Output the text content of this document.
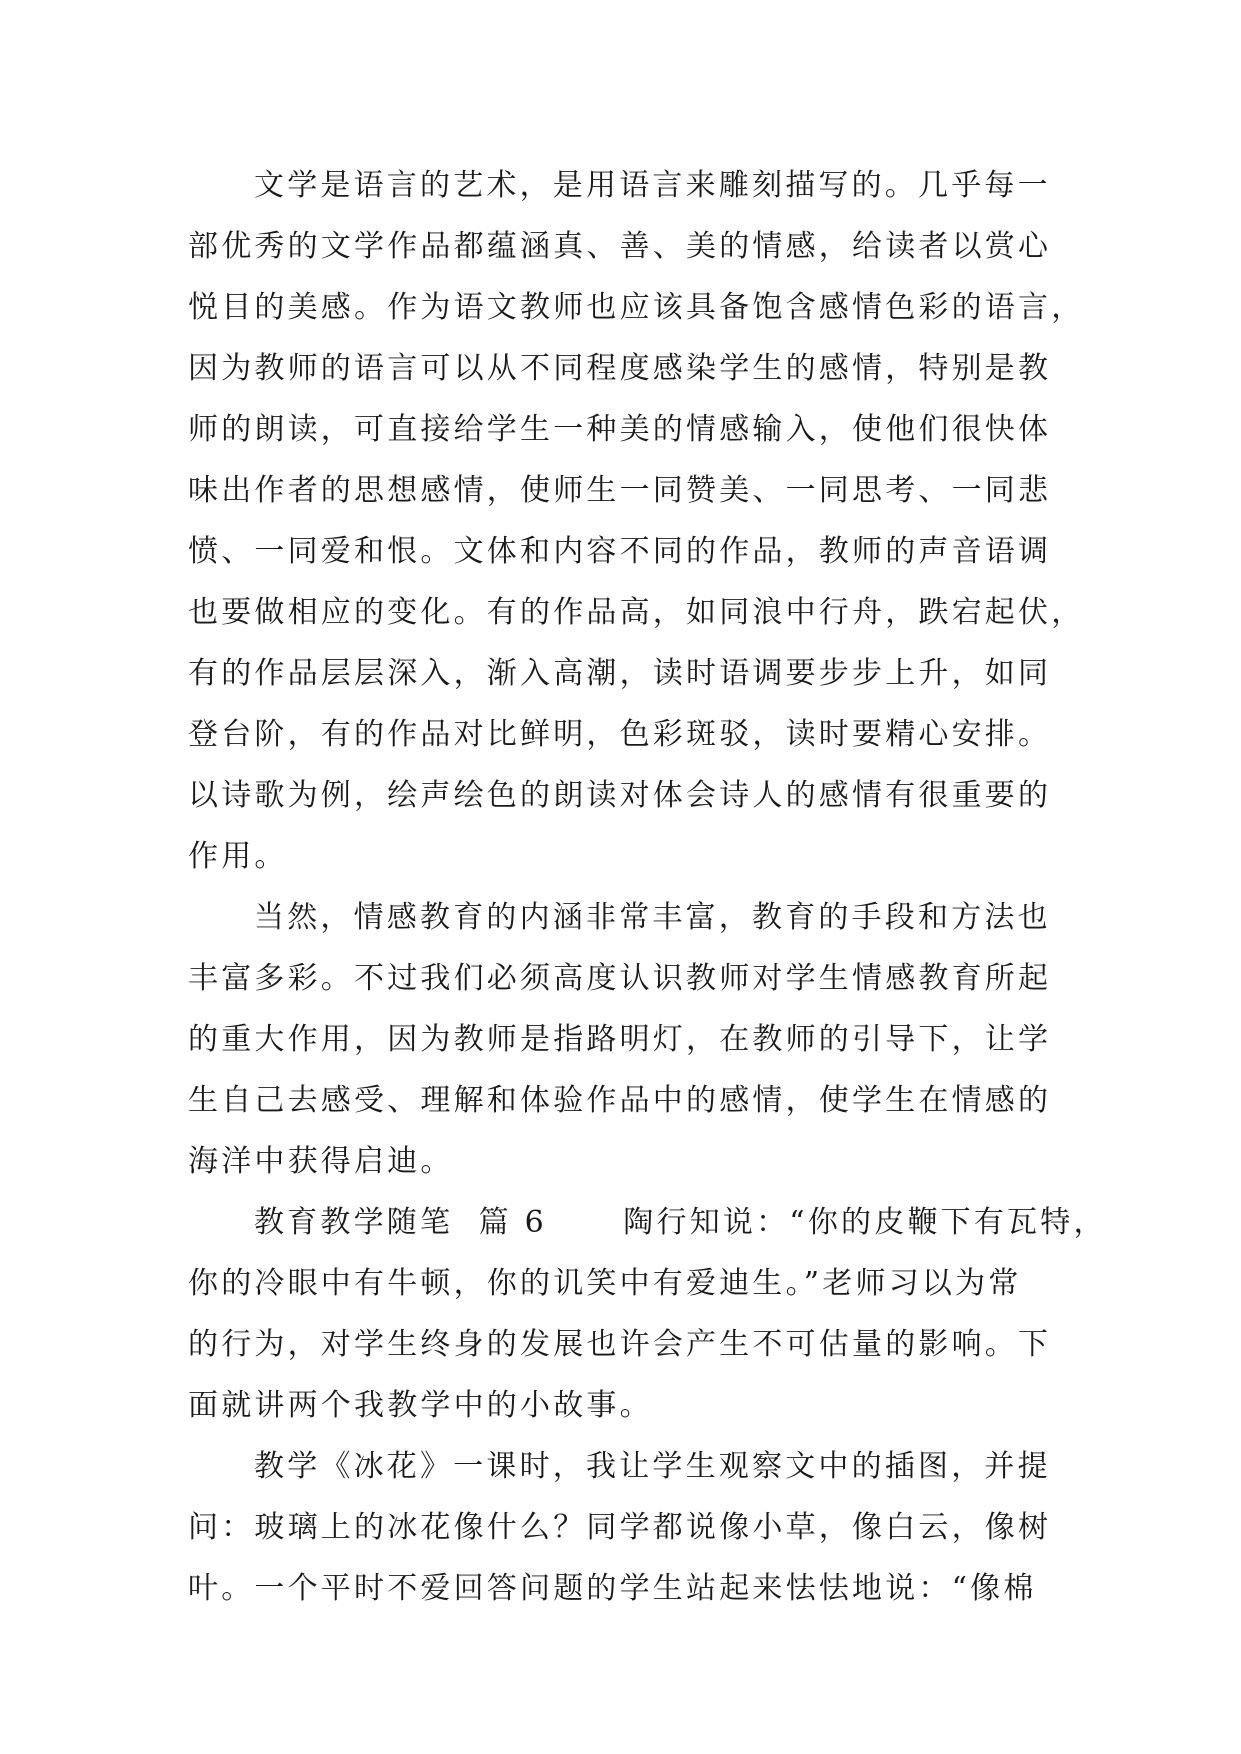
文学是语言的艺术，是用语言来雕刻描写的。几乎每一
部优秀的文学作品都蕴涵真、善、美的情感，给读者以赏心
悦目的美感。作为语文教师也应该具备饱含感情色彩的语言，
因为教师的语言可以从不同程度感染学生的感情，特别是教
师的朗读，可直接给学生一种美的情感输入，使他们很快体
味出作者的思想感情，使师生一同赞美、一同思考、一同悲
愤、一同爱和恨。文体和内容不同的作品，教师的声音语调
也要做相应的变化。有的作品高，如同浪中行舟，跌宕起伏，
有的作品层层深入，渐入高潮，读时语调要步步上升，如同
登台阶，有的作品对比鲜明，色彩斑驳，读时要精心安排。
以诗歌为例，绘声绘色的朗读对体会诗人的感情有很重要的
作用。
当然，情感教育的内涵非常丰富，教育的手段和方法也
丰富多彩。不过我们必须高度认识教师对学生情感教育所起
的重大作用，因为教师是指路明灯，在教师的引导下，让学
生自己去感受、理解和体验作品中的感情，使学生在情感的
海洋中获得启迪。
教育教学随笔  篇 6      陶行知说：“你的皮鞭下有瓦特，
你的冷眼中有牛顿，你的讥笑中有爱迪生。”老师习以为常
的行为，对学生终身的发展也许会产生不可估量的影响。下
面就讲两个我教学中的小故事。
教学《冰花》一课时，我让学生观察文中的插图，并提
问：玻璃上的冰花像什么？同学都说像小草，像白云，像树
叶。一个平时不爱回答问题的学生站起来怯怯地说：“像棉
